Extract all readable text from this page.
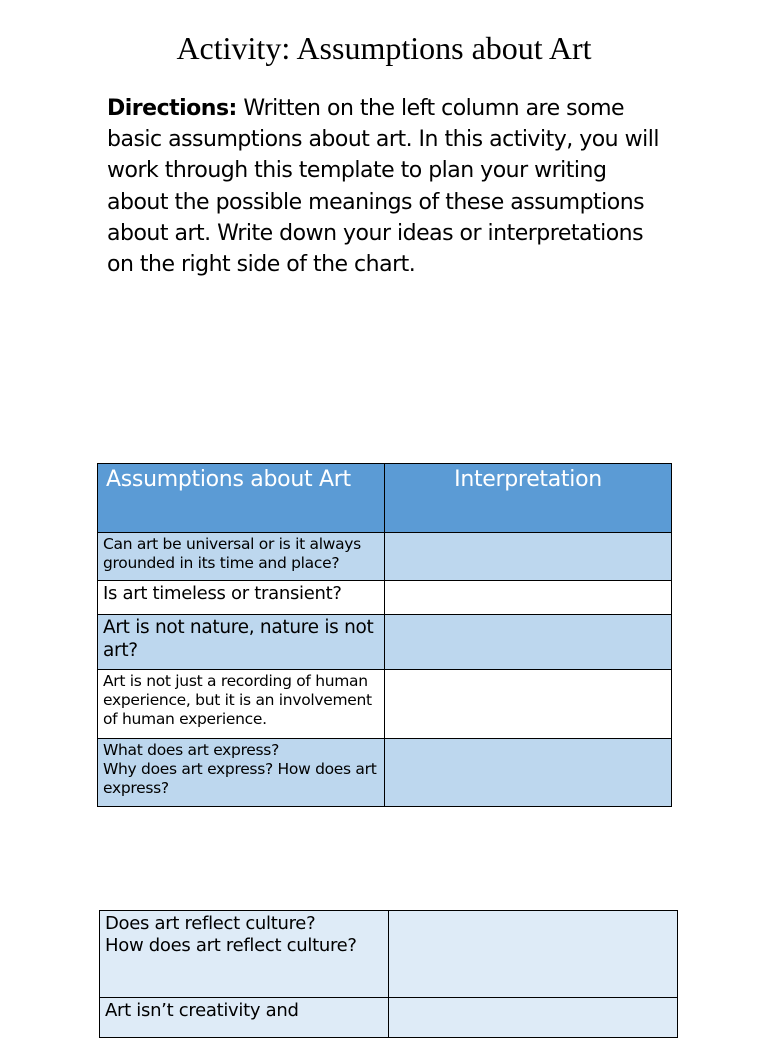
Activity: Assumptions about Art

Directions: Written on the left column are some basic assumptions about art. In this activity, you will work through this template to plan your writing about the possible meanings of these assumptions about art. Write down your ideas or interpretations on the right side of the chart.

Assumptions about Art	Interpretation
Can art be universal or is it always grounded in its time and place?	
Is art timeless or transient?	
Art is not nature, nature is not art?	
Art is not just a recording of human experience, but it is an involvement of human experience.	

What does art express?
Why does art express? How does art express?	

Does art reflect culture?
How does art reflect culture?	

Art isn’t creativity and	
